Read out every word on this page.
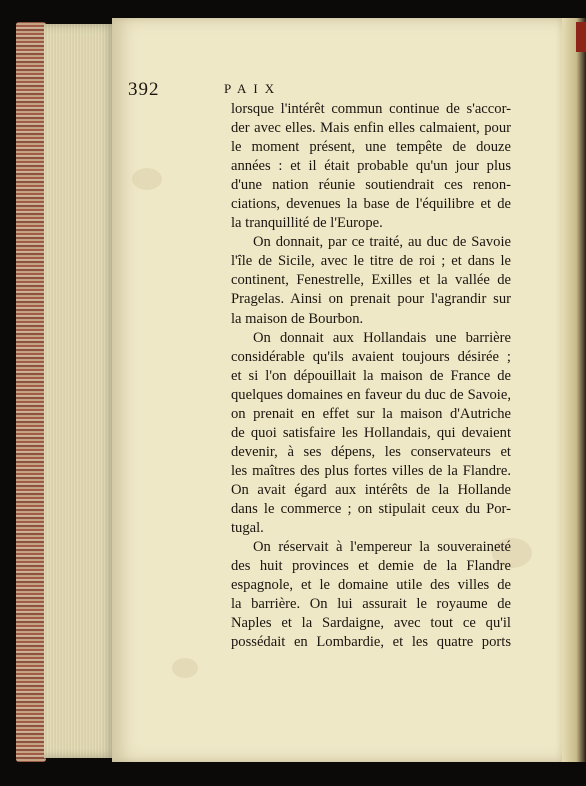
392	PAIX
lorsque l'intérêt commun continue de s'accor-
der avec elles. Mais enfin elles calmaient, pour
le moment présent, une tempête de douze
années : et il était probable qu'un jour plus
d'une nation réunie soutiendrait ces renon-
ciations, devenues la base de l'équilibre et de
la tranquillité de l'Europe.
On donnait, par ce traité, au duc de Savoie
l'île de Sicile, avec le titre de roi ; et dans le
continent, Fenestrelle, Exilles et la vallée de
Pragelas. Ainsi on prenait pour l'agrandir sur
la maison de Bourbon.
On donnait aux Hollandais une barrière
considérable qu'ils avaient toujours désirée ;
et si l'on dépouillait la maison de France de
quelques domaines en faveur du duc de Savoie,
on prenait en effet sur la maison d'Autriche
de quoi satisfaire les Hollandais, qui devaient
devenir, à ses dépens, les conservateurs et
les maîtres des plus fortes villes de la Flandre.
On avait égard aux intérêts de la Hollande
dans le commerce ; on stipulait ceux du Por-
tugal.
On réservait à l'empereur la souveraineté
des huit provinces et demie de la Flandre
espagnole, et le domaine utile des villes de
la barrière. On lui assurait le royaume de
Naples et la Sardaigne, avec tout ce qu'il
possédait en Lombardie, et les quatre ports
